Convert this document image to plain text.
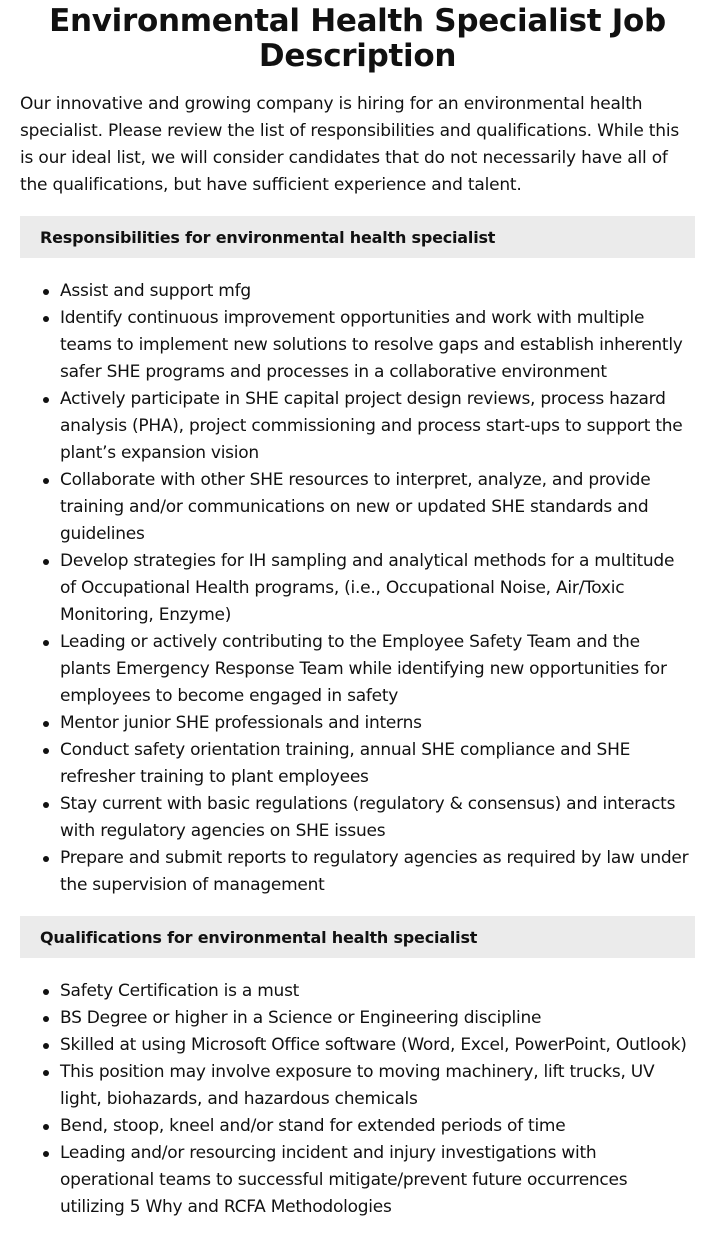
Environmental Health Specialist Job Description

Our innovative and growing company is hiring for an environmental health specialist. Please review the list of responsibilities and qualifications. While this is our ideal list, we will consider candidates that do not necessarily have all of the qualifications, but have sufficient experience and talent.

Responsibilities for environmental health specialist
Assist and support mfg
Identify continuous improvement opportunities and work with multiple teams to implement new solutions to resolve gaps and establish inherently safer SHE programs and processes in a collaborative environment
Actively participate in SHE capital project design reviews, process hazard analysis (PHA), project commissioning and process start-ups to support the plant’s expansion vision
Collaborate with other SHE resources to interpret, analyze, and provide training and/or communications on new or updated SHE standards and guidelines
Develop strategies for IH sampling and analytical methods for a multitude of Occupational Health programs, (i.e., Occupational Noise, Air/Toxic Monitoring, Enzyme)
Leading or actively contributing to the Employee Safety Team and the plants Emergency Response Team while identifying new opportunities for employees to become engaged in safety
Mentor junior SHE professionals and interns
Conduct safety orientation training, annual SHE compliance and SHE refresher training to plant employees
Stay current with basic regulations (regulatory & consensus) and interacts with regulatory agencies on SHE issues
Prepare and submit reports to regulatory agencies as required by law under the supervision of management
Qualifications for environmental health specialist
Safety Certification is a must
BS Degree or higher in a Science or Engineering discipline
Skilled at using Microsoft Office software (Word, Excel, PowerPoint, Outlook)
This position may involve exposure to moving machinery, lift trucks, UV light, biohazards, and hazardous chemicals
Bend, stoop, kneel and/or stand for extended periods of time
Leading and/or resourcing incident and injury investigations with operational teams to successful mitigate/prevent future occurrences utilizing 5 Why and RCFA Methodologies
